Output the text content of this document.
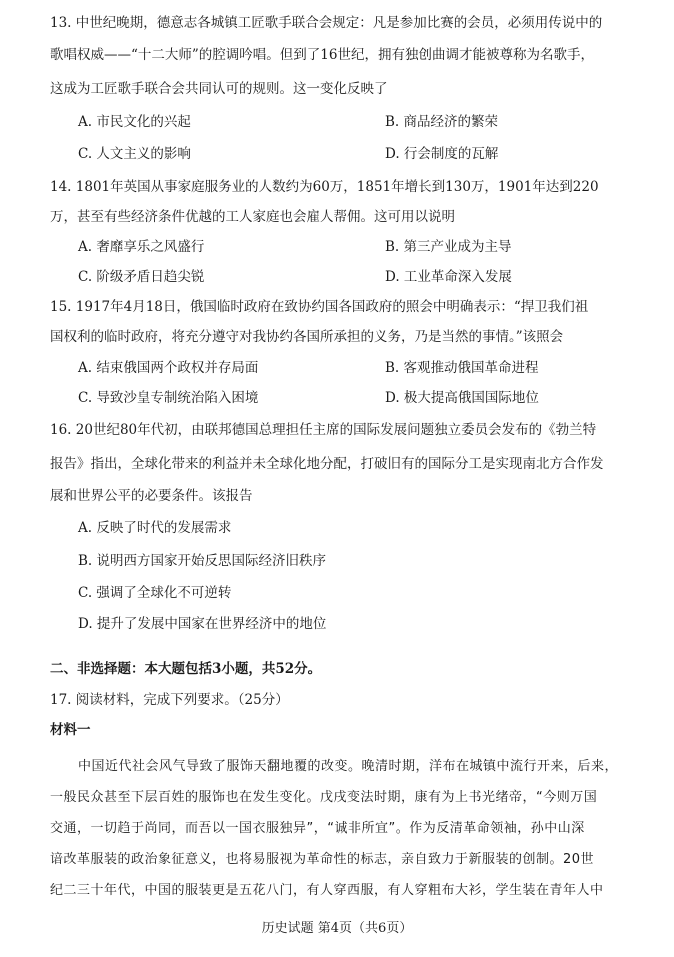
13. 中世纪晚期，德意志各城镇工匠歌手联合会规定：凡是参加比赛的会员，必须用传说中的
歌唱权威——“十二大师”的腔调吟唱。但到了16世纪，拥有独创曲调才能被尊称为名歌手，
这成为工匠歌手联合会共同认可的规则。这一变化反映了
A. 市民文化的兴起	B. 商品经济的繁荣
C. 人文主义的影响	D. 行会制度的瓦解
14. 1801年英国从事家庭服务业的人数约为60万，1851年增长到130万，1901年达到220
万，甚至有些经济条件优越的工人家庭也会雇人帮佣。这可用以说明
A. 奢靡享乐之风盛行	B. 第三产业成为主导
C. 阶级矛盾日趋尖锐	D. 工业革命深入发展
15. 1917年4月18日，俄国临时政府在致协约国各国政府的照会中明确表示：“捍卫我们祖
国权利的临时政府，将充分遵守对我协约各国所承担的义务，乃是当然的事情。”该照会
A. 结束俄国两个政权并存局面	B. 客观推动俄国革命进程
C. 导致沙皇专制统治陷入困境	D. 极大提高俄国国际地位
16. 20世纪80年代初，由联邦德国总理担任主席的国际发展问题独立委员会发布的《勃兰特
报告》指出，全球化带来的利益并未全球化地分配，打破旧有的国际分工是实现南北方合作发
展和世界公平的必要条件。该报告
A. 反映了时代的发展需求
B. 说明西方国家开始反思国际经济旧秩序
C. 强调了全球化不可逆转
D. 提升了发展中国家在世界经济中的地位
二、非选择题：本大题包括3小题，共52分。
17. 阅读材料，完成下列要求。（25分）
材料一
中国近代社会风气导致了服饰天翻地覆的改变。晚清时期，洋布在城镇中流行开来，后来，
一般民众甚至下层百姓的服饰也在发生变化。戊戌变法时期，康有为上书光绪帝，“今则万国
交通，一切趋于尚同，而吾以一国衣服独异”，“诚非所宜”。作为反清革命领袖，孙中山深
谙改革服装的政治象征意义，也将易服视为革命性的标志，亲自致力于新服装的创制。20世
纪二三十年代，中国的服装更是五花八门，有人穿西服，有人穿粗布大衫，学生装在青年人中
历史试题 第4页（共6页）
